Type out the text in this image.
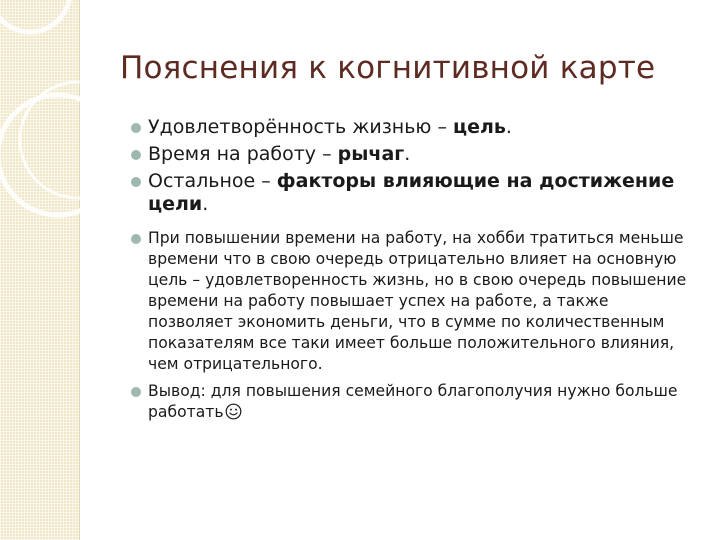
Пояснения к когнитивной карте
Удовлетворённость жизнью – цель.
Время на работу – рычаг.
Остальное – факторы влияющие на достижение цели.
При повышении времени на работу, на хобби тратиться меньше времени что в свою очередь отрицательно влияет на основную цель – удовлетворенность жизнь, но в свою очередь повышение времени на работу повышает успех на работе, а также позволяет экономить деньги, что в сумме по количественным показателям все таки имеет больше положительного влияния, чем отрицательного.
Вывод: для повышения семейного благополучия нужно больше работать
